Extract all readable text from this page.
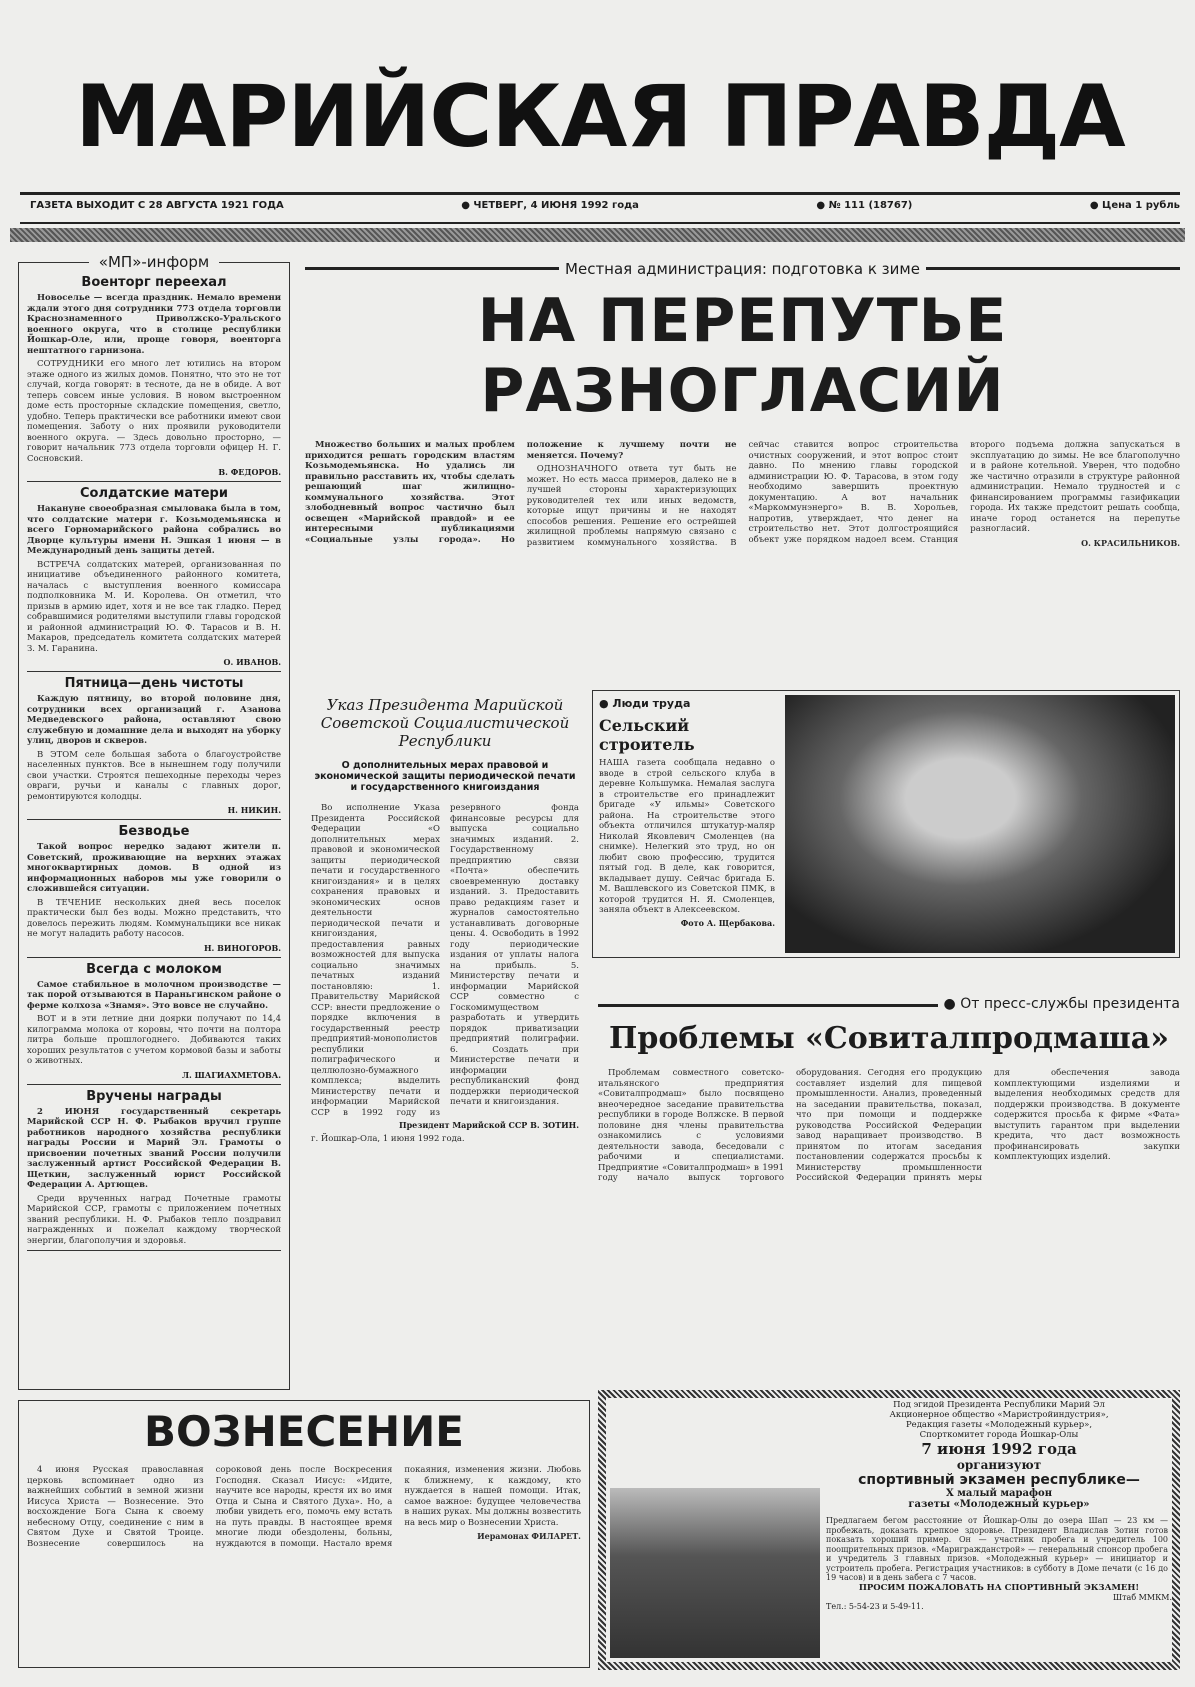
МАРИЙСКАЯ ПРАВДА
ГАЗЕТА ВЫХОДИТ С 28 АВГУСТА 1921 ГОДА	● ЧЕТВЕРГ, 4 ИЮНЯ 1992 года	● № 111 (18767)	● Цена 1 рубль
«МП»-информ
Военторг переехал

Новоселье — всегда праздник. Немало времени ждали этого дня сотрудники 773 отдела торговли Краснознаменного Приволжско-Уральского военного округа, что в столице республики Йошкар-Оле, или, проще говоря, военторга нештатного гарнизона.

СОТРУДНИКИ его много лет ютились на втором этаже одного из жилых домов. Понятно, что это не тот случай, когда говорят: в тесноте, да не в обиде. А вот теперь совсем иные условия. В новом выстроенном доме есть просторные складские помещения, светло, удобно. Теперь практически все работники имеют свои помещения. Заботу о них проявили руководители военного округа. — Здесь довольно просторно, — говорит начальник 773 отдела торговли офицер Н. Г. Сосновский.

В. ФЕДОРОВ.
Солдатские матери

Накануне своеобразная смыловака была в том, что солдатские матери г. Козьмодемьянска и всего Горномарийского района собрались во Дворце культуры имени Н. Эшкая 1 июня — в Международный день защиты детей.

ВСТРЕЧА солдатских матерей, организованная по инициативе объединенного районного комитета, началась с выступления военного комиссара подполковника М. И. Королева. Он отметил, что призыв в армию идет, хотя и не все так гладко. Перед собравшимися родителями выступили главы городской и районной администраций Ю. Ф. Тарасов и В. Н. Макаров, председатель комитета солдатских матерей З. М. Гаранина.

О. ИВАНОВ.
Пятница—день чистоты

Каждую пятницу, во второй половине дня, сотрудники всех организаций г. Азанова Медведевского района, оставляют свою служебную и домашние дела и выходят на уборку улиц, дворов и скверов.

В ЭТОМ селе большая забота о благоустройстве населенных пунктов. Все в нынешнем году получили свои участки. Строятся пешеходные переходы через овраги, ручьи и каналы с главных дорог, ремонтируются колодцы.

Н. НИКИН.
Безводье

Такой вопрос нередко задают жители п. Советский, проживающие на верхних этажах многоквартирных домов. В одной из информационных наборов мы уже говорили о сложившейся ситуации.

В ТЕЧЕНИЕ нескольких дней весь поселок практически был без воды. Можно представить, что довелось пережить людям. Коммунальщики все никак не могут наладить работу насосов.

Н. ВИНОГОРОВ.
Всегда с молоком

Самое стабильное в молочном производстве — так порой отзываются в Параньгинском районе о ферме колхоза «Знамя». Это вовсе не случайно.

ВОТ и в эти летние дни доярки получают по 14,4 килограмма молока от коровы, что почти на полтора литра больше прошлогоднего. Добиваются таких хороших результатов с учетом кормовой базы и заботы о животных.

Л. ШАГИАХМЕТОВА.
Вручены награды

2 ИЮНЯ государственный секретарь Марийской ССР Н. Ф. Рыбаков вручил группе работников народного хозяйства республики награды России и Марий Эл. Грамоты о присвоении почетных званий России получили заслуженный артист Российской Федерации В. Щеткин, заслуженный юрист Российской Федерации А. Артющев.

Среди врученных наград Почетные грамоты Марийской ССР, грамоты с приложением почетных званий республики. Н. Ф. Рыбаков тепло поздравил награжденных и пожелал каждому творческой энергии, благополучия и здоровья.

Местная администрация: подготовка к зиме
НА ПЕРЕПУТЬЕ РАЗНОГЛАСИЙ

Множество больших и малых проблем приходится решать городским властям Козьмодемьянска. Но удались ли правильно расставить их, чтобы сделать решающий шаг жилищно-коммунального хозяйства. Этот злободневный вопрос частично был освещен «Марийской правдой» и ее интересными публикациями «Социальные узлы города». Но положение к лучшему почти не меняется. Почему?

ОДНОЗНАЧНОГО ответа тут быть не может. Но есть масса примеров, далеко не в лучшей стороны характеризующих руководителей тех или иных ведомств, которые ищут причины и не находят способов решения. Решение его острейшей жилищной проблемы напрямую связано с развитием коммунального хозяйства. В сейчас ставится вопрос строительства очистных сооружений, и этот вопрос стоит давно. По мнению главы городской администрации Ю. Ф. Тарасова, в этом году необходимо завершить проектную документацию. А вот начальник «Маркоммунэнерго» В. В. Хорольев, напротив, утверждает, что денег на строительство нет. Этот долгостроящийся объект уже порядком надоел всем. Станция второго подъема должна запускаться в эксплуатацию до зимы. Не все благополучно и в районе котельной. Уверен, что подобно же частично отразили в структуре районной администрации. Немало трудностей и с финансированием программы газификации города. Их также предстоит решать сообща, иначе город останется на перепутье разногласий.

О. КРАСИЛЬНИКОВ.
Указ Президента Марийской Советской Социалистической Республики
О дополнительных мерах правовой и экономической защиты периодической печати и государственного книгоиздания

Во исполнение Указа Президента Российской Федерации «О дополнительных мерах правовой и экономической защиты периодической печати и государственного книгоиздания» и в целях сохранения правовых и экономических основ деятельности периодической печати и книгоиздания, предоставления равных возможностей для выпуска социально значимых печатных изданий постановляю: 1. Правительству Марийской ССР: внести предложение о порядке включения в государственный реестр предприятий-монополистов республики полиграфического и целлюлозно-бумажного комплекса; выделить Министерству печати и информации Марийской ССР в 1992 году из резервного фонда финансовые ресурсы для выпуска социально значимых изданий. 2. Государственному предприятию связи «Почта» обеспечить своевременную доставку изданий. 3. Предоставить право редакциям газет и журналов самостоятельно устанавливать договорные цены. 4. Освободить в 1992 году периодические издания от уплаты налога на прибыль. 5. Министерству печати и информации Марийской ССР совместно с Госкомимуществом разработать и утвердить порядок приватизации предприятий полиграфии. 6. Создать при Министерстве печати и информации республиканский фонд поддержки периодической печати и книгоиздания.

Президент Марийской ССР В. ЗОТИН.
г. Йошкар-Ола, 1 июня 1992 года.
● Люди труда
Сельский строитель
НАША газета сообщала недавно о вводе в строй сельского клуба в деревне Кольшумка. Немалая заслуга в строительстве его принадлежит бригаде «У ильмы» Советского района. На строительстве этого объекта отличился штукатур-маляр Николай Яковлевич Смоленцев (на снимке). Нелегкий это труд, но он любит свою профессию, трудится пятый год. В деле, как говорится, вкладывает душу. Сейчас бригада Б. М. Вашлевского из Советской ПМК, в которой трудится Н. Я. Смоленцев, заняла объект в Алексеевском.
Фото А. Щербакова.
● От пресс-службы президента
Проблемы «Совиталпродмаша»

Проблемам совместного советско-итальянского предприятия «Совиталпродмаш» было посвящено внеочередное заседание правительства республики в городе Волжске. В первой половине дня члены правительства ознакомились с условиями деятельности завода, беседовали с рабочими и специалистами. Предприятие «Совиталпродмаш» в 1991 году начало выпуск торгового оборудования. Сегодня его продукцию составляет изделий для пищевой промышленности. Анализ, проведенный на заседании правительства, показал, что при помощи и поддержке руководства Российской Федерации завод наращивает производство. В принятом по итогам заседания постановлении содержатся просьбы к Министерству промышленности Российской Федерации принять меры для обеспечения завода комплектующими изделиями и выделения необходимых средств для поддержки производства. В документе содержится просьба к фирме «Фата» выступить гарантом при выделении кредита, что даст возможность профинансировать закупки комплектующих изделий.

ВОЗНЕСЕНИЕ

4 июня Русская православная церковь вспоминает одно из важнейших событий в земной жизни Иисуса Христа — Вознесение. Это восхождение Бога Сына к своему небесному Отцу, соединение с ним в Святом Духе и Святой Троице. Вознесение совершилось на сороковой день после Воскресения Господня. Сказал Иисус: «Идите, научите все народы, крестя их во имя Отца и Сына и Святого Духа». Но, а любви увидеть его, помочь ему встать на путь правды. В настоящее время многие люди обездолены, больны, нуждаются в помощи. Настало время покаяния, изменения жизни. Любовь к ближнему, к каждому, кто нуждается в нашей помощи. Итак, самое важное: будущее человечества в наших руках. Мы должны возвестить на весь мир о Вознесении Христа.

Иерамонах ФИЛАРЕТ.
Под эгидой Президента Республики Марий Эл
Акционерное общество «Маристройиндустрия»,
Редакция газеты «Молодежный курьер»,
Спорткомитет города Йошкар-Олы
7 июня 1992 года
организуют
спортивный экзамен республике—
X малый марафон
газеты «Молодежный курьер»
Предлагаем бегом расстояние от Йошкар-Олы до озера Шап — 23 км — пробежать, доказать крепкое здоровье. Президент Владислав Зотин готов показать хороший пример. Он — участник пробега и учредитель 100 поощрительных призов. «Маригражданстрой» — генеральный спонсор пробега и учредитель 3 главных призов. «Молодежный курьер» — инициатор и устроитель пробега. Регистрация участников: в субботу в Доме печати (с 16 до 19 часов) и в день забега с 7 часов.
ПРОСИМ ПОЖАЛОВАТЬ НА СПОРТИВНЫЙ ЭКЗАМЕН!
Штаб ММКМ.
Тел.: 5-54-23 и 5-49-11.
